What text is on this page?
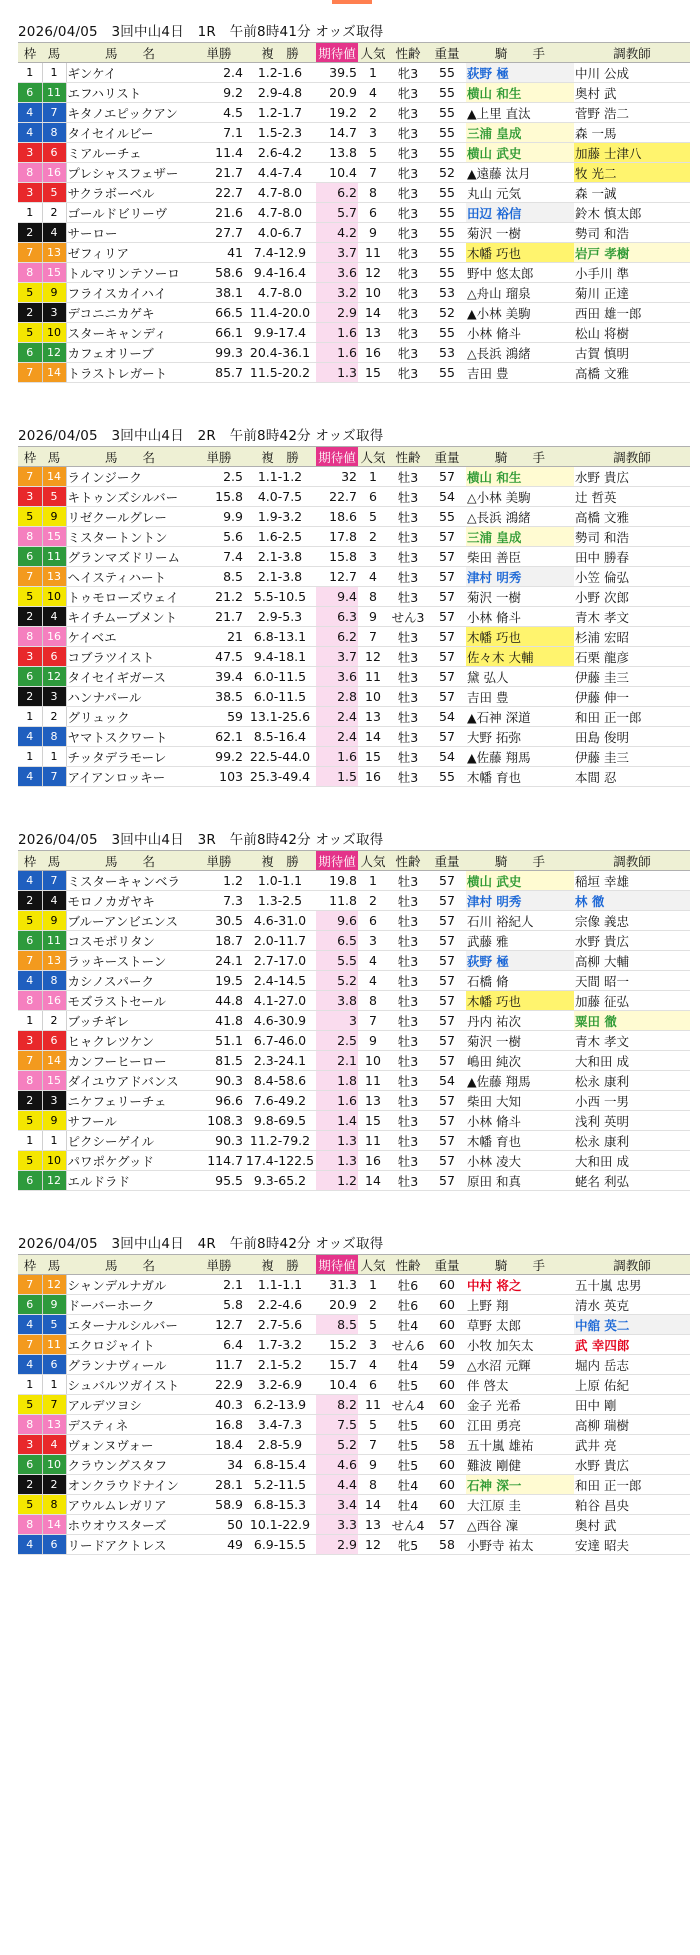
2026/04/05　3回中山4日　1R　午前8時41分 オッズ取得
枠	馬	馬　　名	単勝	複　勝	期待値	人気	性齢	重量	騎　　手	調教師
1	1	ギンケイ	2.4	1.2-1.6	39.5	1	牝3	55	荻野 極	中川 公成
6	11	エフハリスト	9.2	2.9-4.8	20.9	4	牝3	55	横山 和生	奥村 武
4	7	キタノエピックアン	4.5	1.2-1.7	19.2	2	牝3	55	▲上里 直汰	菅野 浩二
4	8	タイセイルビー	7.1	1.5-2.3	14.7	3	牝3	55	三浦 皇成	森 一馬
3	6	ミアルーチェ	11.4	2.6-4.2	13.8	5	牝3	55	横山 武史	加藤 士津八
8	16	プレシャスフェザー	21.7	4.4-7.4	10.4	7	牝3	52	▲遠藤 汰月	牧 光二
3	5	サクラボーベル	22.7	4.7-8.0	6.2	8	牝3	55	丸山 元気	森 一誠
1	2	ゴールドビリーヴ	21.6	4.7-8.0	5.7	6	牝3	55	田辺 裕信	鈴木 慎太郎
2	4	サーロー	27.7	4.0-6.7	4.2	9	牝3	55	菊沢 一樹	勢司 和浩
7	13	ゼフィリア	41	7.4-12.9	3.7	11	牝3	55	木幡 巧也	岩戸 孝樹
8	15	トルマリンテソーロ	58.6	9.4-16.4	3.6	12	牝3	55	野中 悠太郎	小手川 準
5	9	フライスカイハイ	38.1	4.7-8.0	3.2	10	牝3	53	△舟山 瑠泉	菊川 正達
2	3	デコニニカゲキ	66.5	11.4-20.0	2.9	14	牝3	52	▲小林 美駒	西田 雄一郎
5	10	スターキャンディ	66.1	9.9-17.4	1.6	13	牝3	55	小林 脩斗	松山 将樹
6	12	カフェオリーブ	99.3	20.4-36.1	1.6	16	牝3	53	△長浜 鴻緒	古賀 慎明
7	14	トラストレガート	85.7	11.5-20.2	1.3	15	牝3	55	吉田 豊	高橋 文雅
2026/04/05　3回中山4日　2R　午前8時42分 オッズ取得
枠	馬	馬　　名	単勝	複　勝	期待値	人気	性齢	重量	騎　　手	調教師
7	14	ラインジーク	2.5	1.1-1.2	32	1	牡3	57	横山 和生	水野 貴広
3	5	キトゥンズシルバー	15.8	4.0-7.5	22.7	6	牡3	54	△小林 美駒	辻 哲英
5	9	リゼクールグレー	9.9	1.9-3.2	18.6	5	牡3	55	△長浜 鴻緒	高橋 文雅
8	15	ミスタートントン	5.6	1.6-2.5	17.8	2	牡3	57	三浦 皇成	勢司 和浩
6	11	グランマズドリーム	7.4	2.1-3.8	15.8	3	牡3	57	柴田 善臣	田中 勝春
7	13	ヘイスティハート	8.5	2.1-3.8	12.7	4	牡3	57	津村 明秀	小笠 倫弘
5	10	トゥモローズウェイ	21.2	5.5-10.5	9.4	8	牡3	57	菊沢 一樹	小野 次郎
2	4	キイチムーブメント	21.7	2.9-5.3	6.3	9	せん3	57	小林 脩斗	青木 孝文
8	16	ケイベエ	21	6.8-13.1	6.2	7	牡3	57	木幡 巧也	杉浦 宏昭
3	6	コブラツイスト	47.5	9.4-18.1	3.7	12	牡3	57	佐々木 大輔	石栗 龍彦
6	12	タイセイギガース	39.4	6.0-11.5	3.6	11	牡3	57	黛 弘人	伊藤 圭三
2	3	ハンナパール	38.5	6.0-11.5	2.8	10	牡3	57	吉田 豊	伊藤 伸一
1	2	グリュック	59	13.1-25.6	2.4	13	牡3	54	▲石神 深道	和田 正一郎
4	8	ヤマトスクワート	62.1	8.5-16.4	2.4	14	牡3	57	大野 拓弥	田島 俊明
1	1	チッタデラモーレ	99.2	22.5-44.0	1.6	15	牡3	54	▲佐藤 翔馬	伊藤 圭三
4	7	アイアンロッキー	103	25.3-49.4	1.5	16	牡3	55	木幡 育也	本間 忍
2026/04/05　3回中山4日　3R　午前8時42分 オッズ取得
枠	馬	馬　　名	単勝	複　勝	期待値	人気	性齢	重量	騎　　手	調教師
4	7	ミスターキャンベラ	1.2	1.0-1.1	19.8	1	牡3	57	横山 武史	稲垣 幸雄
2	4	モロノカガヤキ	7.3	1.3-2.5	11.8	2	牡3	57	津村 明秀	林 徹
5	9	ブルーアンビエンス	30.5	4.6-31.0	9.6	6	牡3	57	石川 裕紀人	宗像 義忠
6	11	コスモポリタン	18.7	2.0-11.7	6.5	3	牡3	57	武藤 雅	水野 貴広
7	13	ラッキーストーン	24.1	2.7-17.0	5.5	4	牡3	57	荻野 極	高柳 大輔
4	8	カシノスパーク	19.5	2.4-14.5	5.2	4	牡3	57	石橋 脩	天間 昭一
8	16	モズラストセール	44.8	4.1-27.0	3.8	8	牡3	57	木幡 巧也	加藤 征弘
1	2	ブッチギレ	41.8	4.6-30.9	3	7	牡3	57	丹内 祐次	粟田 徹
3	6	ヒャクレツケン	51.1	6.7-46.0	2.5	9	牡3	57	菊沢 一樹	青木 孝文
7	14	カンフーヒーロー	81.5	2.3-24.1	2.1	10	牡3	57	嶋田 純次	大和田 成
8	15	ダイユウアドバンス	90.3	8.4-58.6	1.8	11	牡3	54	▲佐藤 翔馬	松永 康利
2	3	ニケフェリーチェ	96.6	7.6-49.2	1.6	13	牡3	57	柴田 大知	小西 一男
5	9	サフール	108.3	9.8-69.5	1.4	15	牡3	57	小林 脩斗	浅利 英明
1	1	ピクシーゲイル	90.3	11.2-79.2	1.3	11	牡3	57	木幡 育也	松永 康利
5	10	パワポケグッド	114.7	17.4-122.5	1.3	16	牡3	57	小林 凌大	大和田 成
6	12	エルドラド	95.5	9.3-65.2	1.2	14	牡3	57	原田 和真	蛯名 利弘
2026/04/05　3回中山4日　4R　午前8時42分 オッズ取得
枠	馬	馬　　名	単勝	複　勝	期待値	人気	性齢	重量	騎　　手	調教師
7	12	シャンデルナガル	2.1	1.1-1.1	31.3	1	牡6	60	中村 将之	五十嵐 忠男
6	9	ドーバーホーク	5.8	2.2-4.6	20.9	2	牡6	60	上野 翔	清水 英克
4	5	エターナルシルバー	12.7	2.7-5.6	8.5	5	牡4	60	草野 太郎	中舘 英二
7	11	エクロジャイト	6.4	1.7-3.2	15.2	3	せん6	60	小牧 加矢太	武 幸四郎
4	6	グランナヴィール	11.7	2.1-5.2	15.7	4	牡4	59	△水沼 元輝	堀内 岳志
1	1	シュバルツガイスト	22.9	3.2-6.9	10.4	6	牡5	60	伴 啓太	上原 佑紀
5	7	アルデツヨシ	40.3	6.2-13.9	8.2	11	せん4	60	金子 光希	田中 剛
8	13	デスティネ	16.8	3.4-7.3	7.5	5	牡5	60	江田 勇亮	高柳 瑞樹
3	4	ヴォンヌヴォー	18.4	2.8-5.9	5.2	7	牡5	58	五十嵐 雄祐	武井 亮
6	10	クラウングスタフ	34	6.8-15.4	4.6	9	牡5	60	難波 剛健	水野 貴広
2	2	オンクラウドナイン	28.1	5.2-11.5	4.4	8	牡4	60	石神 深一	和田 正一郎
5	8	アウルムレガリア	58.9	6.8-15.3	3.4	14	牡4	60	大江原 圭	粕谷 昌央
8	14	ホウオウスターズ	50	10.1-22.9	3.3	13	せん4	57	△西谷 凜	奥村 武
4	6	リードアクトレス	49	6.9-15.5	2.9	12	牝5	58	小野寺 祐太	安達 昭夫
